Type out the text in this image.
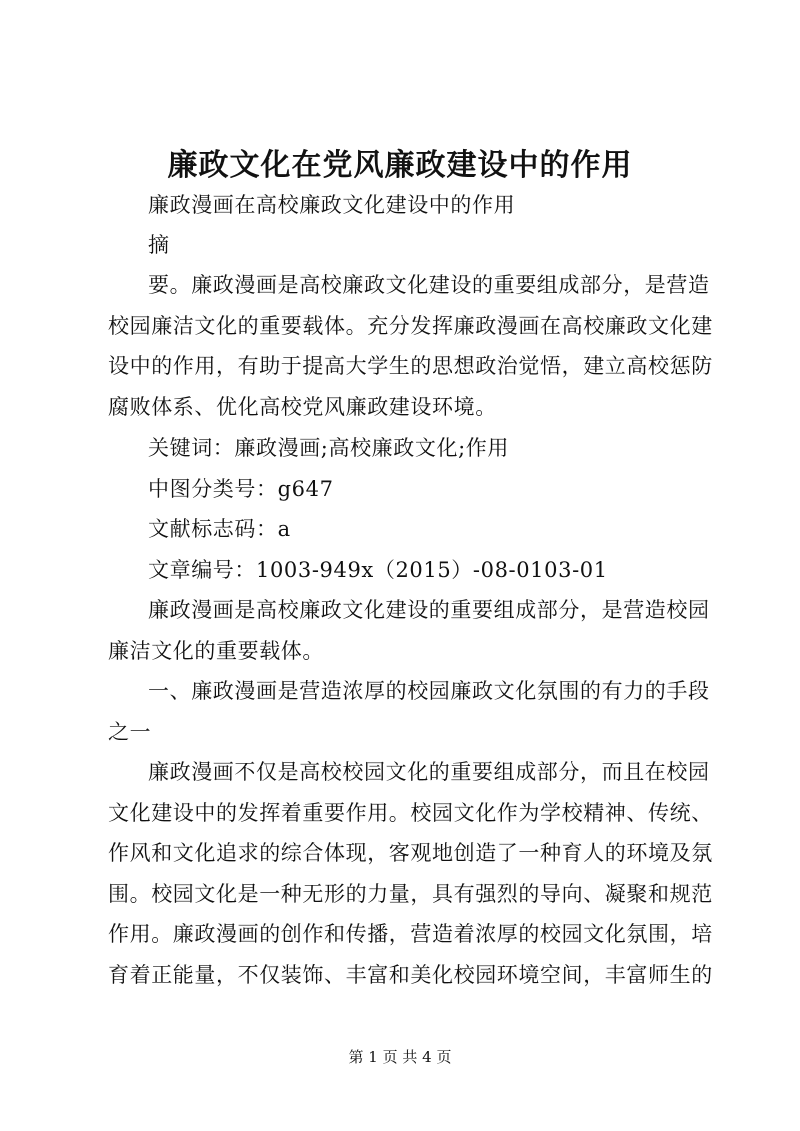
廉政文化在党风廉政建设中的作用
廉政漫画在高校廉政文化建设中的作用
摘
要。廉政漫画是高校廉政文化建设的重要组成部分，是营造
校园廉洁文化的重要载体。充分发挥廉政漫画在高校廉政文化建
设中的作用，有助于提高大学生的思想政治觉悟，建立高校惩防
腐败体系、优化高校党风廉政建设环境。
关键词：廉政漫画;高校廉政文化;作用
中图分类号：g647
文献标志码：a
文章编号：1003-949x（2015）-08-0103-01
廉政漫画是高校廉政文化建设的重要组成部分，是营造校园
廉洁文化的重要载体。
一、廉政漫画是营造浓厚的校园廉政文化氛围的有力的手段
之一
廉政漫画不仅是高校校园文化的重要组成部分，而且在校园
文化建设中的发挥着重要作用。校园文化作为学校精神、传统、
作风和文化追求的综合体现，客观地创造了一种育人的环境及氛
围。校园文化是一种无形的力量，具有强烈的导向、凝聚和规范
作用。廉政漫画的创作和传播，营造着浓厚的校园文化氛围，培
育着正能量，不仅装饰、丰富和美化校园环境空间，丰富师生的
第 1 页 共 4 页
